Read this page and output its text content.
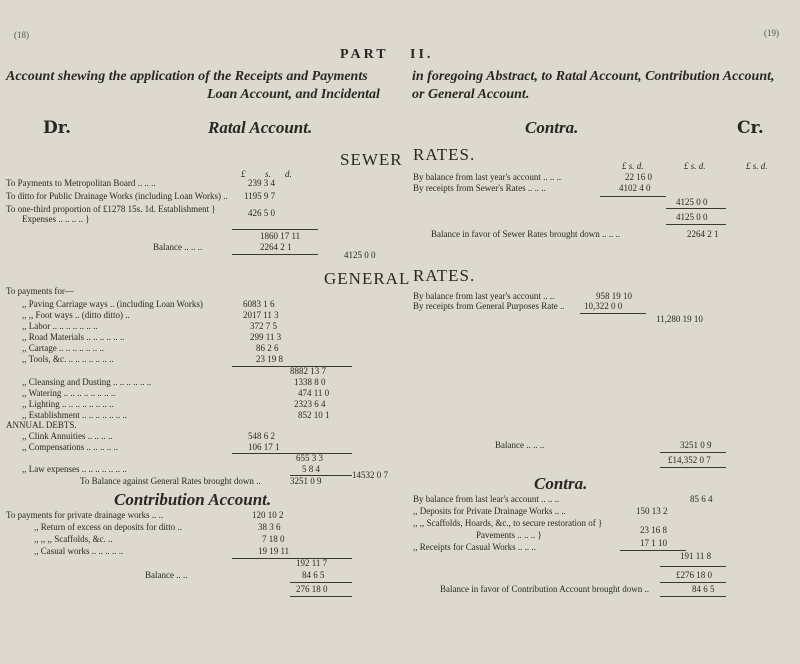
(18)	(19)
PART II.
Account shewing the application of the Receipts and Payments	in foregoing Abstract, to Ratal Account, Contribution Account,
Loan Account, and Incidental or General Account.
Dr.	Ratal Account.	Contra.	Cr.
SEWER RATES.
£ s. d.
£ s. d.	£ s. d.	£ s. d.
To Payments to Metropolitan Board .. .. ..	239 3 4
To ditto for Public Drainage Works (including Loan Works) .. 1195 9 7
To one-third proportion of £1278 15s. 1d. Establishment }	426 5 0
Expenses .. .. .. .. }
1860 17 11
Balance .. .. ..	2264 2 1
4125 0 0
By balance from last year's account .. .. ..	22 16 0
By receipts from Sewer's Rates .. .. ..	4102 4 0
4125 0 0
4125 0 0
Balance in favor of Sewer Rates brought down .. .. ..	2264 2 1
GENERAL RATES.
To payments for—
,, Paving Carriage ways .. (including Loan Works)	6083 1 6
,, ,, Foot ways .. (ditto ditto) ..	2017 11 3
,, Labor .. .. .. .. .. .. ..	372 7 5
,, Road Materials .. .. .. .. .. ..	299 11 3
,, Cartage .. .. .. .. .. .. ..	86 2 6
,, Tools, &c. .. .. .. .. .. .. ..	23 19 8
8882 13 7
,, Cleansing and Dusting .. .. .. .. .. ..	1338 8 0
,, Watering .. .. .. .. .. .. .. ..	474 11 0
,, Lighting .. .. .. .. .. .. .. ..	2323 6 4
,, Establishment .. .. .. .. .. .. ..	852 10 1
ANNUAL DEBTS.
,, Clink Annuities .. .. .. ..	548 6 2
,, Compensations .. .. .. .. ..	106 17 1
655 3 3
,, Law expenses .. .. .. .. .. .. ..	5 8 4
14532 0 7
By balance from last year's account .. ..	958 19 10
By receipts from General Purposes Rate .. 10,322 0 0
11,280 19 10
Balance .. .. ..	3251 0 9
£14,352 0 7
To Balance against General Rates brought down ..	3251 0 9
Contribution Account.
Contra.
To payments for private drainage works .. ..	120 10 2
,, Return of excess on deposits for ditto ..	38 3 6
,, ,, ,, Scaffolds, &c. ..	7 18 0
,, Casual works .. .. .. .. ..	19 19 11
192 11 7
Balance .. ..	84 6 5
276 18 0
By balance from last lear's account .. .. ..	85 6 4
,, Deposits for Private Drainage Works .. ..	150 13 2
,, ,, Scaffolds, Hoards, &c., to secure restoration of }
Pavements .. .. .. }	23 16 8
,, Receipts for Casual Works .. .. ..	17 1 10
191 11 8
£276 18 0
Balance in favor of Contribution Account brought down ..	84 6 5
